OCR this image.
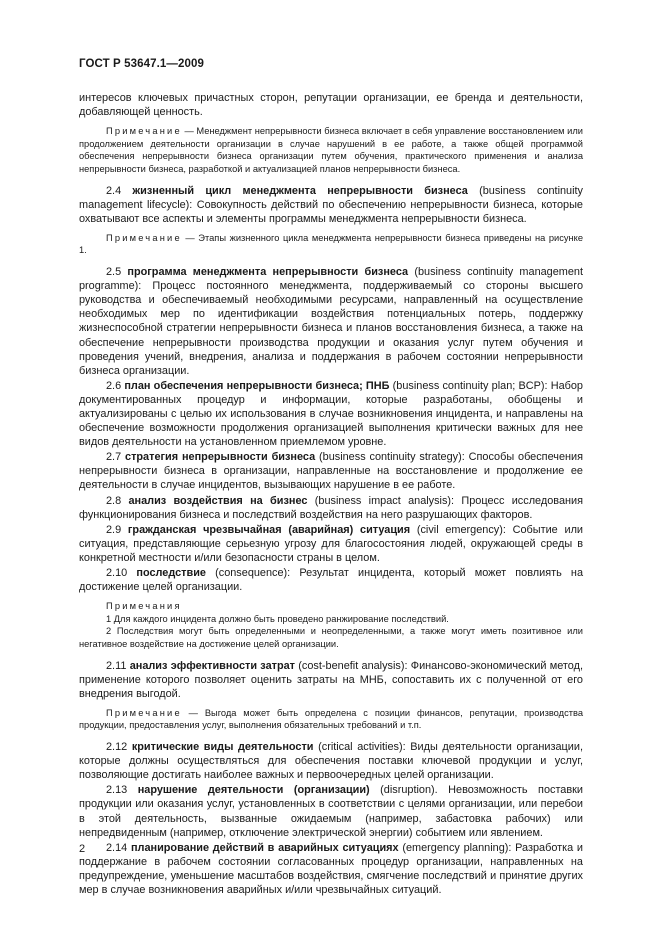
ГОСТ Р 53647.1—2009

интересов ключевых причастных сторон, репутации организации, ее бренда и деятельности, добавляющей ценность.

Примечание — Менеджмент непрерывности бизнеса включает в себя управление восстановлением или продолжением деятельности организации в случае нарушений в ее работе, а также общей программой обеспечения непрерывности бизнеса организации путем обучения, практического применения и анализа непрерывности бизнеса, разработкой и актуализацией планов непрерывности бизнеса.

2.4 жизненный цикл менеджмента непрерывности бизнеса (business continuity management lifecycle): Совокупность действий по обеспечению непрерывности бизнеса, которые охватывают все аспекты и элементы программы менеджмента непрерывности бизнеса.

Примечание — Этапы жизненного цикла менеджмента непрерывности бизнеса приведены на рисунке 1.

2.5 программа менеджмента непрерывности бизнеса (business continuity management programme): Процесс постоянного менеджмента, поддерживаемый со стороны высшего руководства и обеспечиваемый необходимыми ресурсами, направленный на осуществление необходимых мер по идентификации воздействия потенциальных потерь, поддержку жизнеспособной стратегии непрерывности бизнеса и планов восстановления бизнеса, а также на обеспечение непрерывности производства продукции и оказания услуг путем обучения и проведения учений, внедрения, анализа и поддержания в рабочем состоянии непрерывности бизнеса организации.

2.6 план обеспечения непрерывности бизнеса; ПНБ (business continuity plan; BCP): Набор документированных процедур и информации, которые разработаны, обобщены и актуализированы с целью их использования в случае возникновения инцидента, и направлены на обеспечение возможности продолжения организацией выполнения критически важных для нее видов деятельности на установленном приемлемом уровне.

2.7 стратегия непрерывности бизнеса (business continuity strategy): Способы обеспечения непрерывности бизнеса в организации, направленные на восстановление и продолжение ее деятельности в случае инцидентов, вызывающих нарушение в ее работе.

2.8 анализ воздействия на бизнес (business impact analysis): Процесс исследования функционирования бизнеса и последствий воздействия на него разрушающих факторов.

2.9 гражданская чрезвычайная (аварийная) ситуация (civil emergency): Событие или ситуация, представляющие серьезную угрозу для благосостояния людей, окружающей среды в конкретной местности и/или безопасности страны в целом.

2.10 последствие (consequence): Результат инцидента, который может повлиять на достижение целей организации.

Примечания

1 Для каждого инцидента должно быть проведено ранжирование последствий.

2 Последствия могут быть определенными и неопределенными, а также могут иметь позитивное или негативное воздействие на достижение целей организации.

2.11 анализ эффективности затрат (cost-benefit analysis): Финансово-экономический метод, применение которого позволяет оценить затраты на МНБ, сопоставить их с полученной от его внедрения выгодой.

Примечание — Выгода может быть определена с позиции финансов, репутации, производства продукции, предоставления услуг, выполнения обязательных требований и т.п.

2.12 критические виды деятельности (critical activities): Виды деятельности организации, которые должны осуществляться для обеспечения поставки ключевой продукции и услуг, позволяющие достигать наиболее важных и первоочередных целей организации.

2.13 нарушение деятельности (организации) (disruption). Невозможность поставки продукции или оказания услуг, установленных в соответствии с целями организации, или перебои в этой деятельность, вызванные ожидаемым (например, забастовка рабочих) или непредвиденным (например, отключение электрической энергии) событием или явлением.

2.14 планирование действий в аварийных ситуациях (emergency planning): Разработка и поддержание в рабочем состоянии согласованных процедур организации, направленных на предупреждение, уменьшение масштабов воздействия, смягчение последствий и принятие других мер в случае возникновения аварийных и/или чрезвычайных ситуаций.

2
